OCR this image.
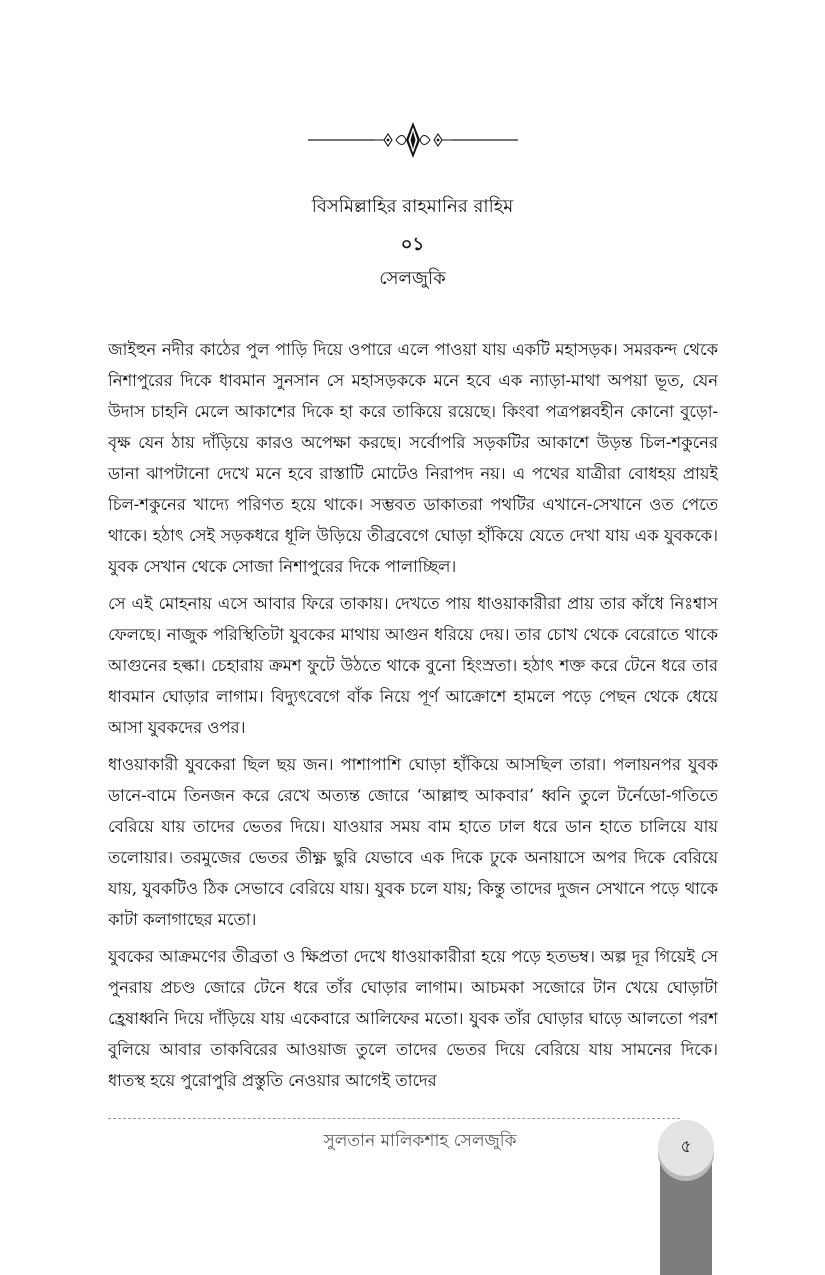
বিসমিল্লাহির রাহমানির রাহিম
০১
সেলজুকি

জাইহুন নদীর কাঠের পুল পাড়ি দিয়ে ওপারে এলে পাওয়া যায় একটি মহাসড়ক। সমরকন্দ থেকে নিশাপুরের দিকে ধাবমান সুনসান সে মহাসড়ককে মনে হবে এক ন্যাড়া-মাথা অপয়া ভূত, যেন উদাস চাহনি মেলে আকাশের দিকে হা করে তাকিয়ে রয়েছে। কিংবা পত্রপল্লবহীন কোনো বুড়ো-বৃক্ষ যেন ঠায় দাঁড়িয়ে কারও অপেক্ষা করছে। সর্বোপরি সড়কটির আকাশে উড়ন্ত চিল-শকুনের ডানা ঝাপটানো দেখে মনে হবে রাস্তাটি মোটেও নিরাপদ নয়। এ পথের যাত্রীরা বোধহয় প্রায়ই চিল-শকুনের খাদ্যে পরিণত হয়ে থাকে। সম্ভবত ডাকাতরা পথটির এখানে-সেখানে ওত পেতে থাকে। হঠাৎ সেই সড়কধরে ধূলি উড়িয়ে তীব্রবেগে ঘোড়া হাঁকিয়ে যেতে দেখা যায় এক যুবককে। যুবক সেখান থেকে সোজা নিশাপুরের দিকে পালাচ্ছিল।

সে এই মোহনায় এসে আবার ফিরে তাকায়। দেখতে পায় ধাওয়াকারীরা প্রায় তার কাঁধে নিঃশ্বাস ফেলছে। নাজুক পরিস্থিতিটা যুবকের মাথায় আগুন ধরিয়ে দেয়। তার চোখ থেকে বেরোতে থাকে আগুনের হল্কা। চেহারায় ক্রমশ ফুটে উঠতে থাকে বুনো হিংস্রতা। হঠাৎ শক্ত করে টেনে ধরে তার ধাবমান ঘোড়ার লাগাম। বিদ্যুৎবেগে বাঁক নিয়ে পূর্ণ আক্রোশে হামলে পড়ে পেছন থেকে ধেয়ে আসা যুবকদের ওপর।

ধাওয়াকারী যুবকেরা ছিল ছয় জন। পাশাপাশি ঘোড়া হাঁকিয়ে আসছিল তারা। পলায়নপর যুবক ডানে-বামে তিনজন করে রেখে অত্যন্ত জোরে ‘আল্লাহু আকবার’ ধ্বনি তুলে টর্নেডো-গতিতে বেরিয়ে যায় তাদের ভেতর দিয়ে। যাওয়ার সময় বাম হাতে ঢাল ধরে ডান হাতে চালিয়ে যায় তলোয়ার। তরমুজের ভেতর তীক্ষ্ণ ছুরি যেভাবে এক দিকে ঢুকে অনায়াসে অপর দিকে বেরিয়ে যায়, যুবকটিও ঠিক সেভাবে বেরিয়ে যায়। যুবক চলে যায়; কিন্তু তাদের দুজন সেখানে পড়ে থাকে কাটা কলাগাছের মতো।

যুবকের আক্রমণের তীব্রতা ও ক্ষিপ্রতা দেখে ধাওয়াকারীরা হয়ে পড়ে হতভম্ব। অল্প দূর গিয়েই সে পুনরায় প্রচণ্ড জোরে টেনে ধরে তাঁর ঘোড়ার লাগাম। আচমকা সজোরে টান খেয়ে ঘোড়াটা হ্রেষাধ্বনি দিয়ে দাঁড়িয়ে যায় একেবারে আলিফের মতো। যুবক তাঁর ঘোড়ার ঘাড়ে আলতো পরশ বুলিয়ে আবার তাকবিরের আওয়াজ তুলে তাদের ভেতর দিয়ে বেরিয়ে যায় সামনের দিকে। ধাতস্থ হয়ে পুরোপুরি প্রস্তুতি নেওয়ার আগেই তাদের

সুলতান মালিকশাহ সেলজুকি	৫
